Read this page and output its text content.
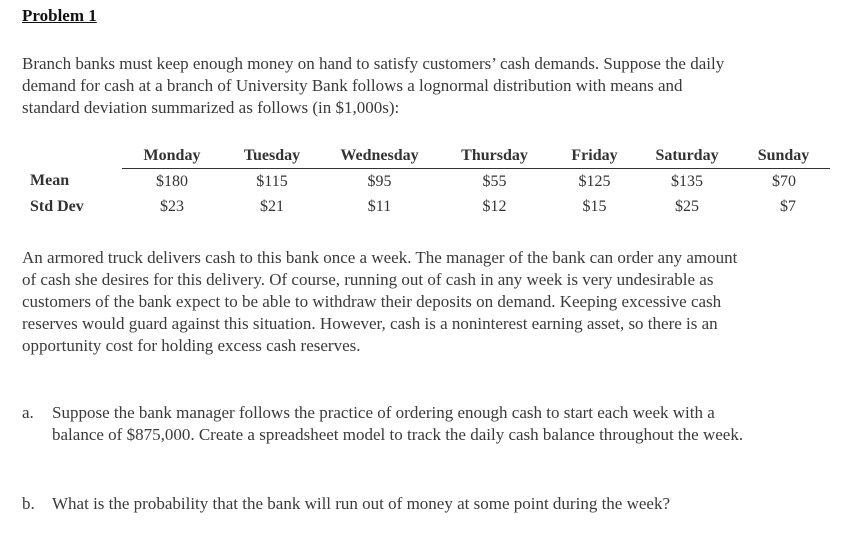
Problem 1

Branch banks must keep enough money on hand to satisfy customers’ cash demands. Suppose the daily demand for cash at a branch of University Bank follows a lognormal distribution with means and standard deviation summarized as follows (in $1,000s):

	Monday	Tuesday	Wednesday	Thursday	Friday	Saturday	Sunday
Mean	$180	$115	$95	$55	$125	$135	$70
Std Dev	$23	$21	$11	$12	$15	$25	$7

An armored truck delivers cash to this bank once a week. The manager of the bank can order any amount of cash she desires for this delivery. Of course, running out of cash in any week is very undesirable as customers of the bank expect to be able to withdraw their deposits on demand. Keeping excessive cash reserves would guard against this situation. However, cash is a noninterest earning asset, so there is an opportunity cost for holding excess cash reserves.

a.	Suppose the bank manager follows the practice of ordering enough cash to start each week with a balance of $875,000. Create a spreadsheet model to track the daily cash balance throughout the week.

b.	What is the probability that the bank will run out of money at some point during the week?
